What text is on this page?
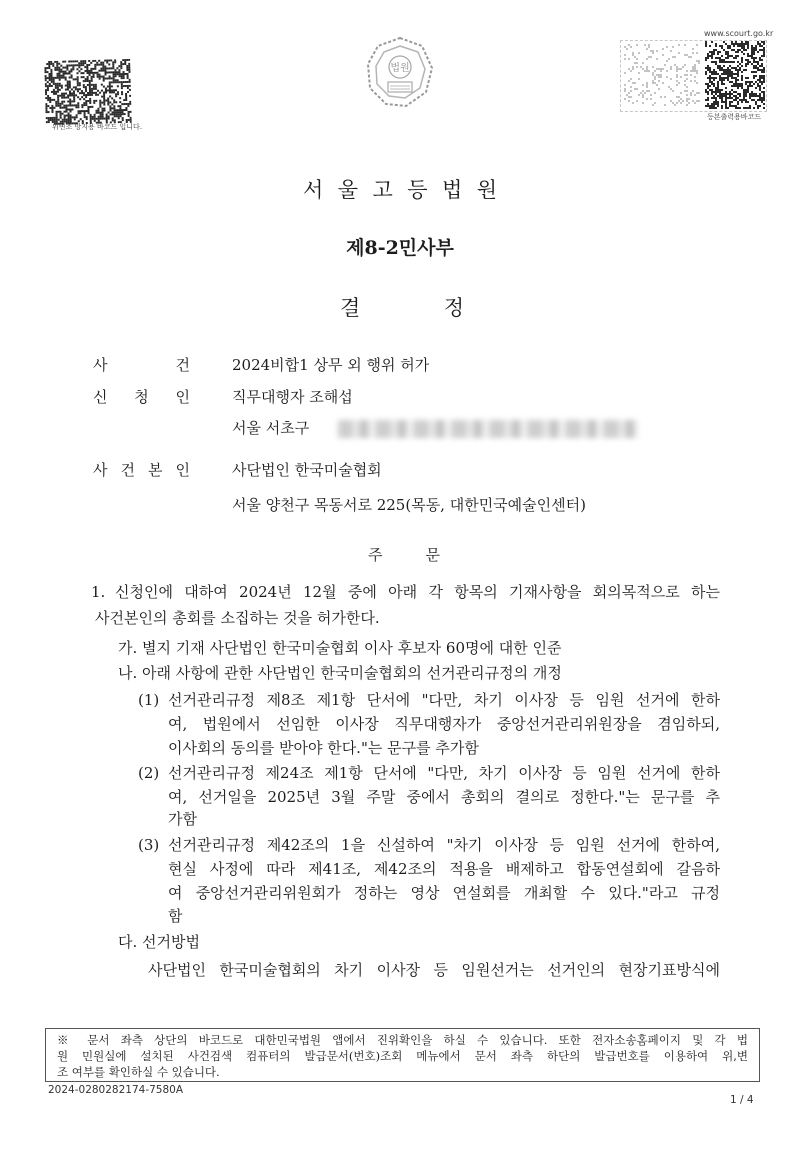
위변조 방지용 바코드 입니다.
법원
www.scourt.go.kr
등본출력용바코드
서 울 고 등 법 원
제8-2민사부
결 정
사 건	2024비합1 상무 외 행위 허가
신 청 인	직무대행자 조해섭
서울 서초구
사 건 본 인	사단법인 한국미술협회
서울 양천구 목동서로 225(목동, 대한민국예술인센터)
주 문
1. 신청인에 대하여 2024년 12월 중에 아래 각 항목의 기재사항을 회의목적으로 하는
사건본인의 총회를 소집하는 것을 허가한다.
가. 별지 기재 사단법인 한국미술협회 이사 후보자 60명에 대한 인준
나. 아래 사항에 관한 사단법인 한국미술협회의 선거관리규정의 개정
(1) 선거관리규정 제8조 제1항 단서에 "다만, 차기 이사장 등 임원 선거에 한하
여, 법원에서 선임한 이사장 직무대행자가 중앙선거관리위원장을 겸임하되,
이사회의 동의를 받아야 한다."는 문구를 추가함
(2) 선거관리규정 제24조 제1항 단서에 "다만, 차기 이사장 등 임원 선거에 한하
여, 선거일을 2025년 3월 주말 중에서 총회의 결의로 정한다."는 문구를 추
가함
(3) 선거관리규정 제42조의 1을 신설하여 "차기 이사장 등 임원 선거에 한하여,
현실 사정에 따라 제41조, 제42조의 적용을 배제하고 합동연설회에 갈음하
여 중앙선거관리위원회가 정하는 영상 연설회를 개최할 수 있다."라고 규정
함
다. 선거방법
사단법인 한국미술협회의 차기 이사장 등 임원선거는 선거인의 현장기표방식에
※ 문서 좌측 상단의 바코드로 대한민국법원 앱에서 진위확인을 하실 수 있습니다. 또한 전자소송홈페이지 및 각 법
원 민원실에 설치된 사건검색 컴퓨터의 발급문서(번호)조회 메뉴에서 문서 좌측 하단의 발급번호를 이용하여 위,변
조 여부를 확인하실 수 있습니다.
2024-0280282174-7580A
1 / 4
